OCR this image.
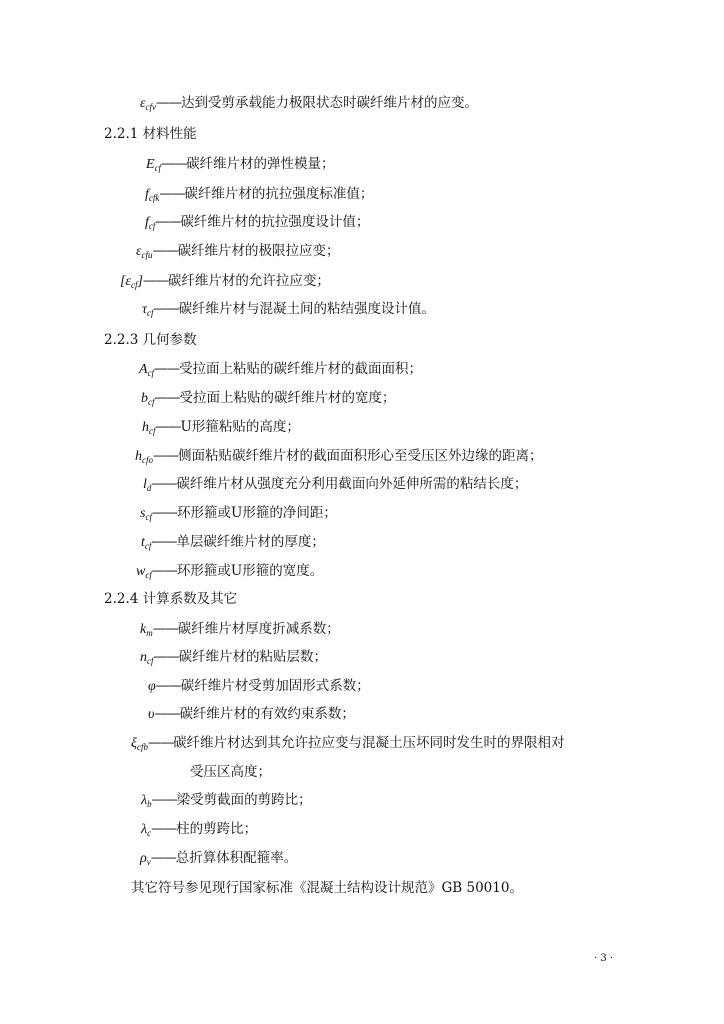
$\varepsilon_{cfv}——$达到受剪承载能力极限状态时碳纤维片材的应变。
2.2.1 材料性能
$E_{cf}——$碳纤维片材的弹性模量；
$f_{cfk}——$碳纤维片材的抗拉强度标准值；
$f_{cf}——$碳纤维片材的抗拉强度设计值；
$\varepsilon_{cfu}——$碳纤维片材的极限拉应变；
$[\varepsilon_{cf}]——$碳纤维片材的允许拉应变；
$\tau_{cf}——$碳纤维片材与混凝土间的粘结强度设计值。
2.2.3 几何参数
$A_{cf}——$受拉面上粘贴的碳纤维片材的截面面积；
$b_{cf}——$受拉面上粘贴的碳纤维片材的宽度；
$h_{cf}——U$形箍粘贴的高度；
$h_{cfo}——$侧面粘贴碳纤维片材的截面面积形心至受压区外边缘的距离；
$l_d——$碳纤维片材从强度充分利用截面向外延伸所需的粘结长度；
$s_{cf}——$环形箍或U形箍的净间距；
$t_{cf}——$单层碳纤维片材的厚度；
$w_{cf}——$环形箍或U形箍的宽度。
2.2.4 计算系数及其它
$k_m——$碳纤维片材厚度折减系数；
$n_{cf}——$碳纤维片材的粘贴层数；
φ——碳纤维片材受剪加固形式系数；
υ——碳纤维片材的有效约束系数；
$\xi_{cfb}——$碳纤维片材达到其允许拉应变与混凝土压坏同时发生时的界限相对
受压区高度；
$\lambda_b——$梁受剪截面的剪跨比；
$\lambda_c——$柱的剪跨比；
$\rho_v——$总折算体积配箍率。
其它符号参见现行国家标准《混凝土结构设计规范》GB 50010。
· 3 ·
